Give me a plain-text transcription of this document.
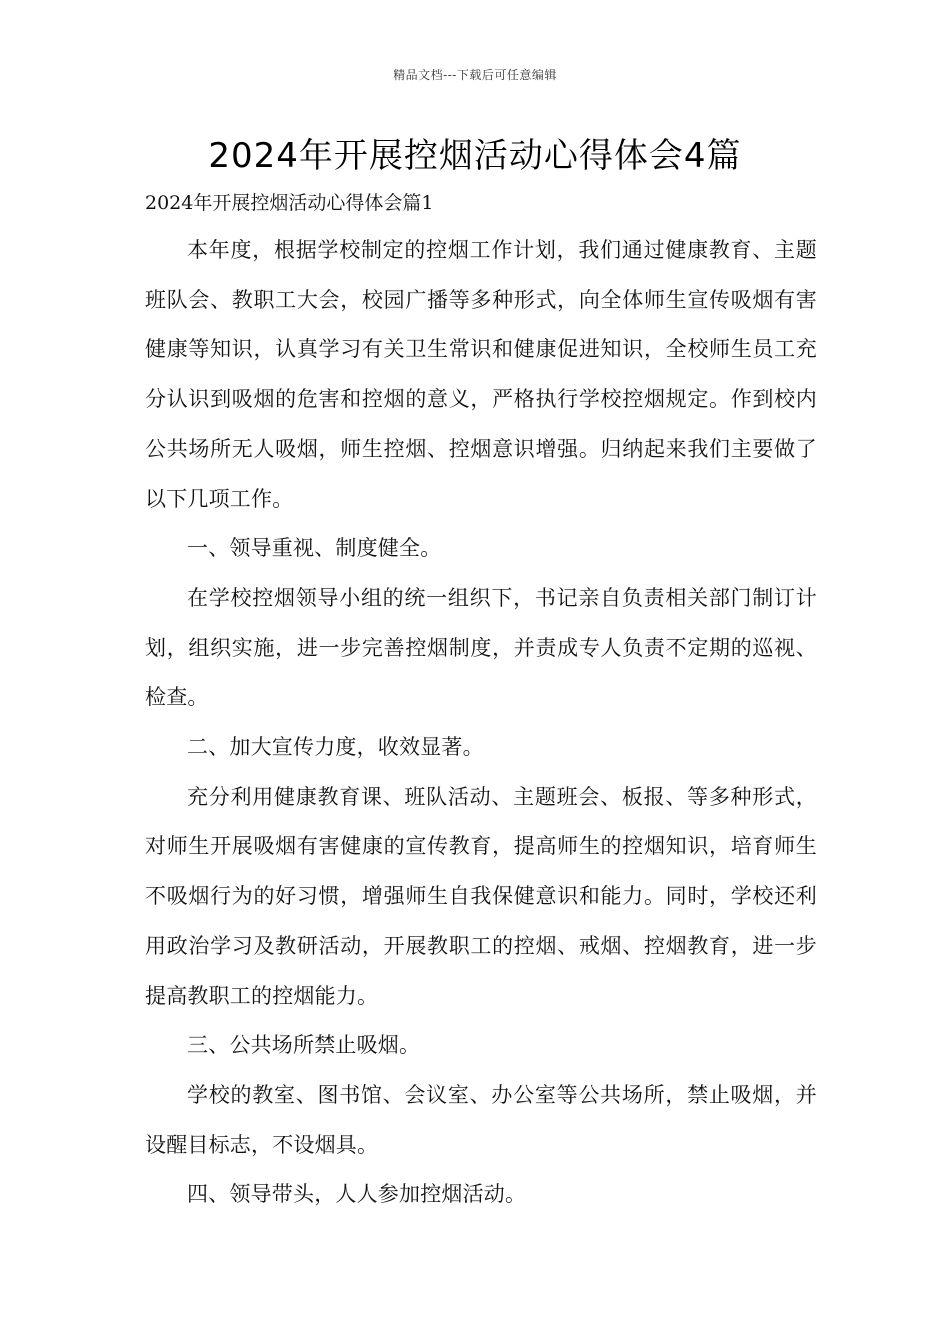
精品文档---下载后可任意编辑
2024年开展控烟活动心得体会4篇
2024年开展控烟活动心得体会篇1

本年度，根据学校制定的控烟工作计划，我们通过健康教育、主题班队会、教职工大会，校园广播等多种形式，向全体师生宣传吸烟有害健康等知识，认真学习有关卫生常识和健康促进知识，全校师生员工充分认识到吸烟的危害和控烟的意义，严格执行学校控烟规定。作到校内公共场所无人吸烟，师生控烟、控烟意识增强。归纳起来我们主要做了以下几项工作。

一、领导重视、制度健全。

在学校控烟领导小组的统一组织下，书记亲自负责相关部门制订计划，组织实施，进一步完善控烟制度，并责成专人负责不定期的巡视、检查。

二、加大宣传力度，收效显著。

充分利用健康教育课、班队活动、主题班会、板报、等多种形式，对师生开展吸烟有害健康的宣传教育，提高师生的控烟知识，培育师生不吸烟行为的好习惯，增强师生自我保健意识和能力。同时，学校还利用政治学习及教研活动，开展教职工的控烟、戒烟、控烟教育，进一步提高教职工的控烟能力。

三、公共场所禁止吸烟。

学校的教室、图书馆、会议室、办公室等公共场所，禁止吸烟，并设醒目标志，不设烟具。

四、领导带头，人人参加控烟活动。
